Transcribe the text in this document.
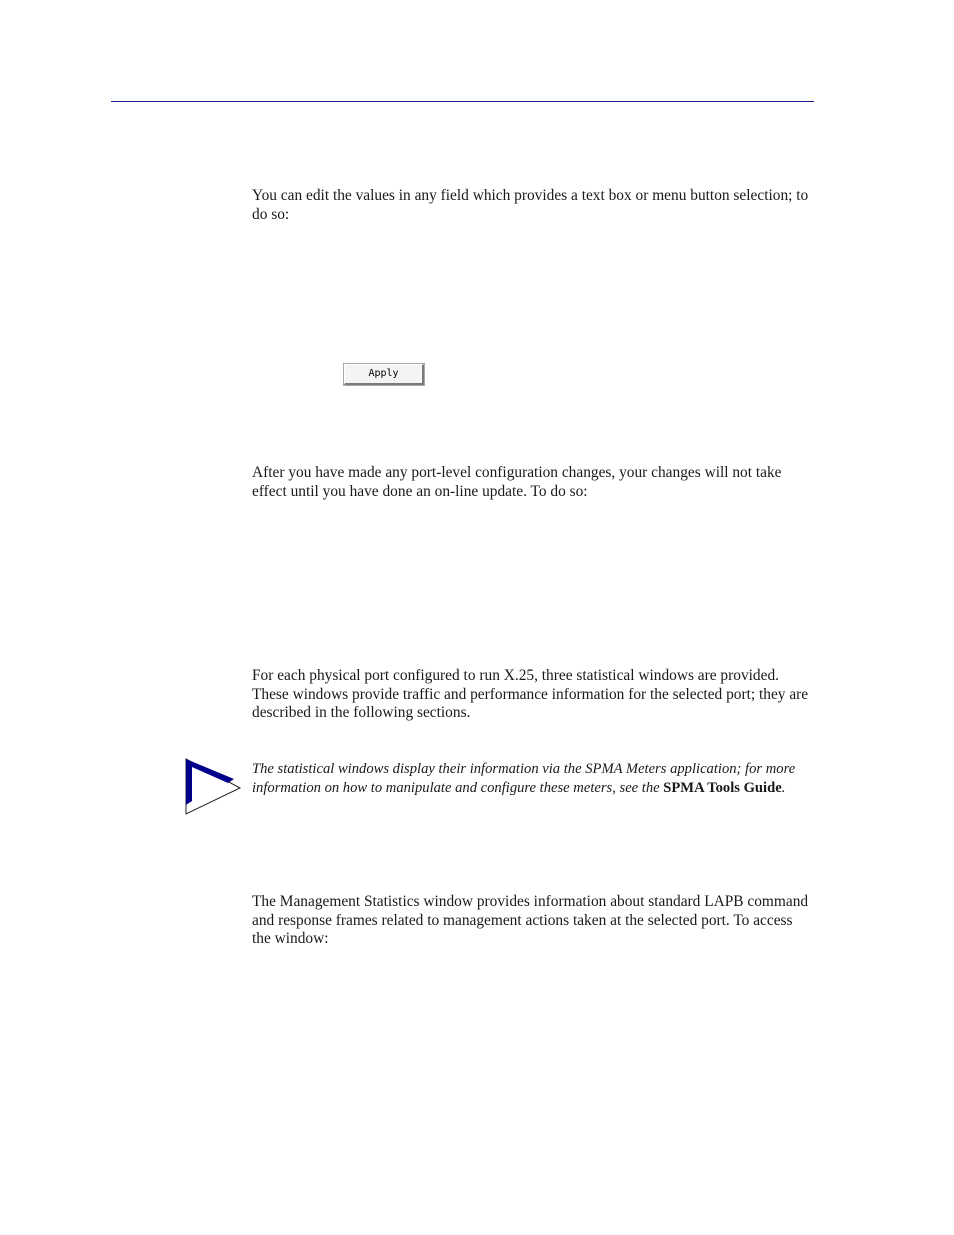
You can edit the values in any field which provides a text box or menu button selection; to do so:

Apply

After you have made any port-level configuration changes, your changes will not take effect until you have done an on-line update. To do so:

For each physical port configured to run X.25, three statistical windows are provided. These windows provide traffic and performance information for the selected port; they are described in the following sections.

The statistical windows display their information via the SPMA Meters application; for more information on how to manipulate and configure these meters, see the SPMA Tools Guide.

The Management Statistics window provides information about standard LAPB command and response frames related to management actions taken at the selected port. To access the window:
